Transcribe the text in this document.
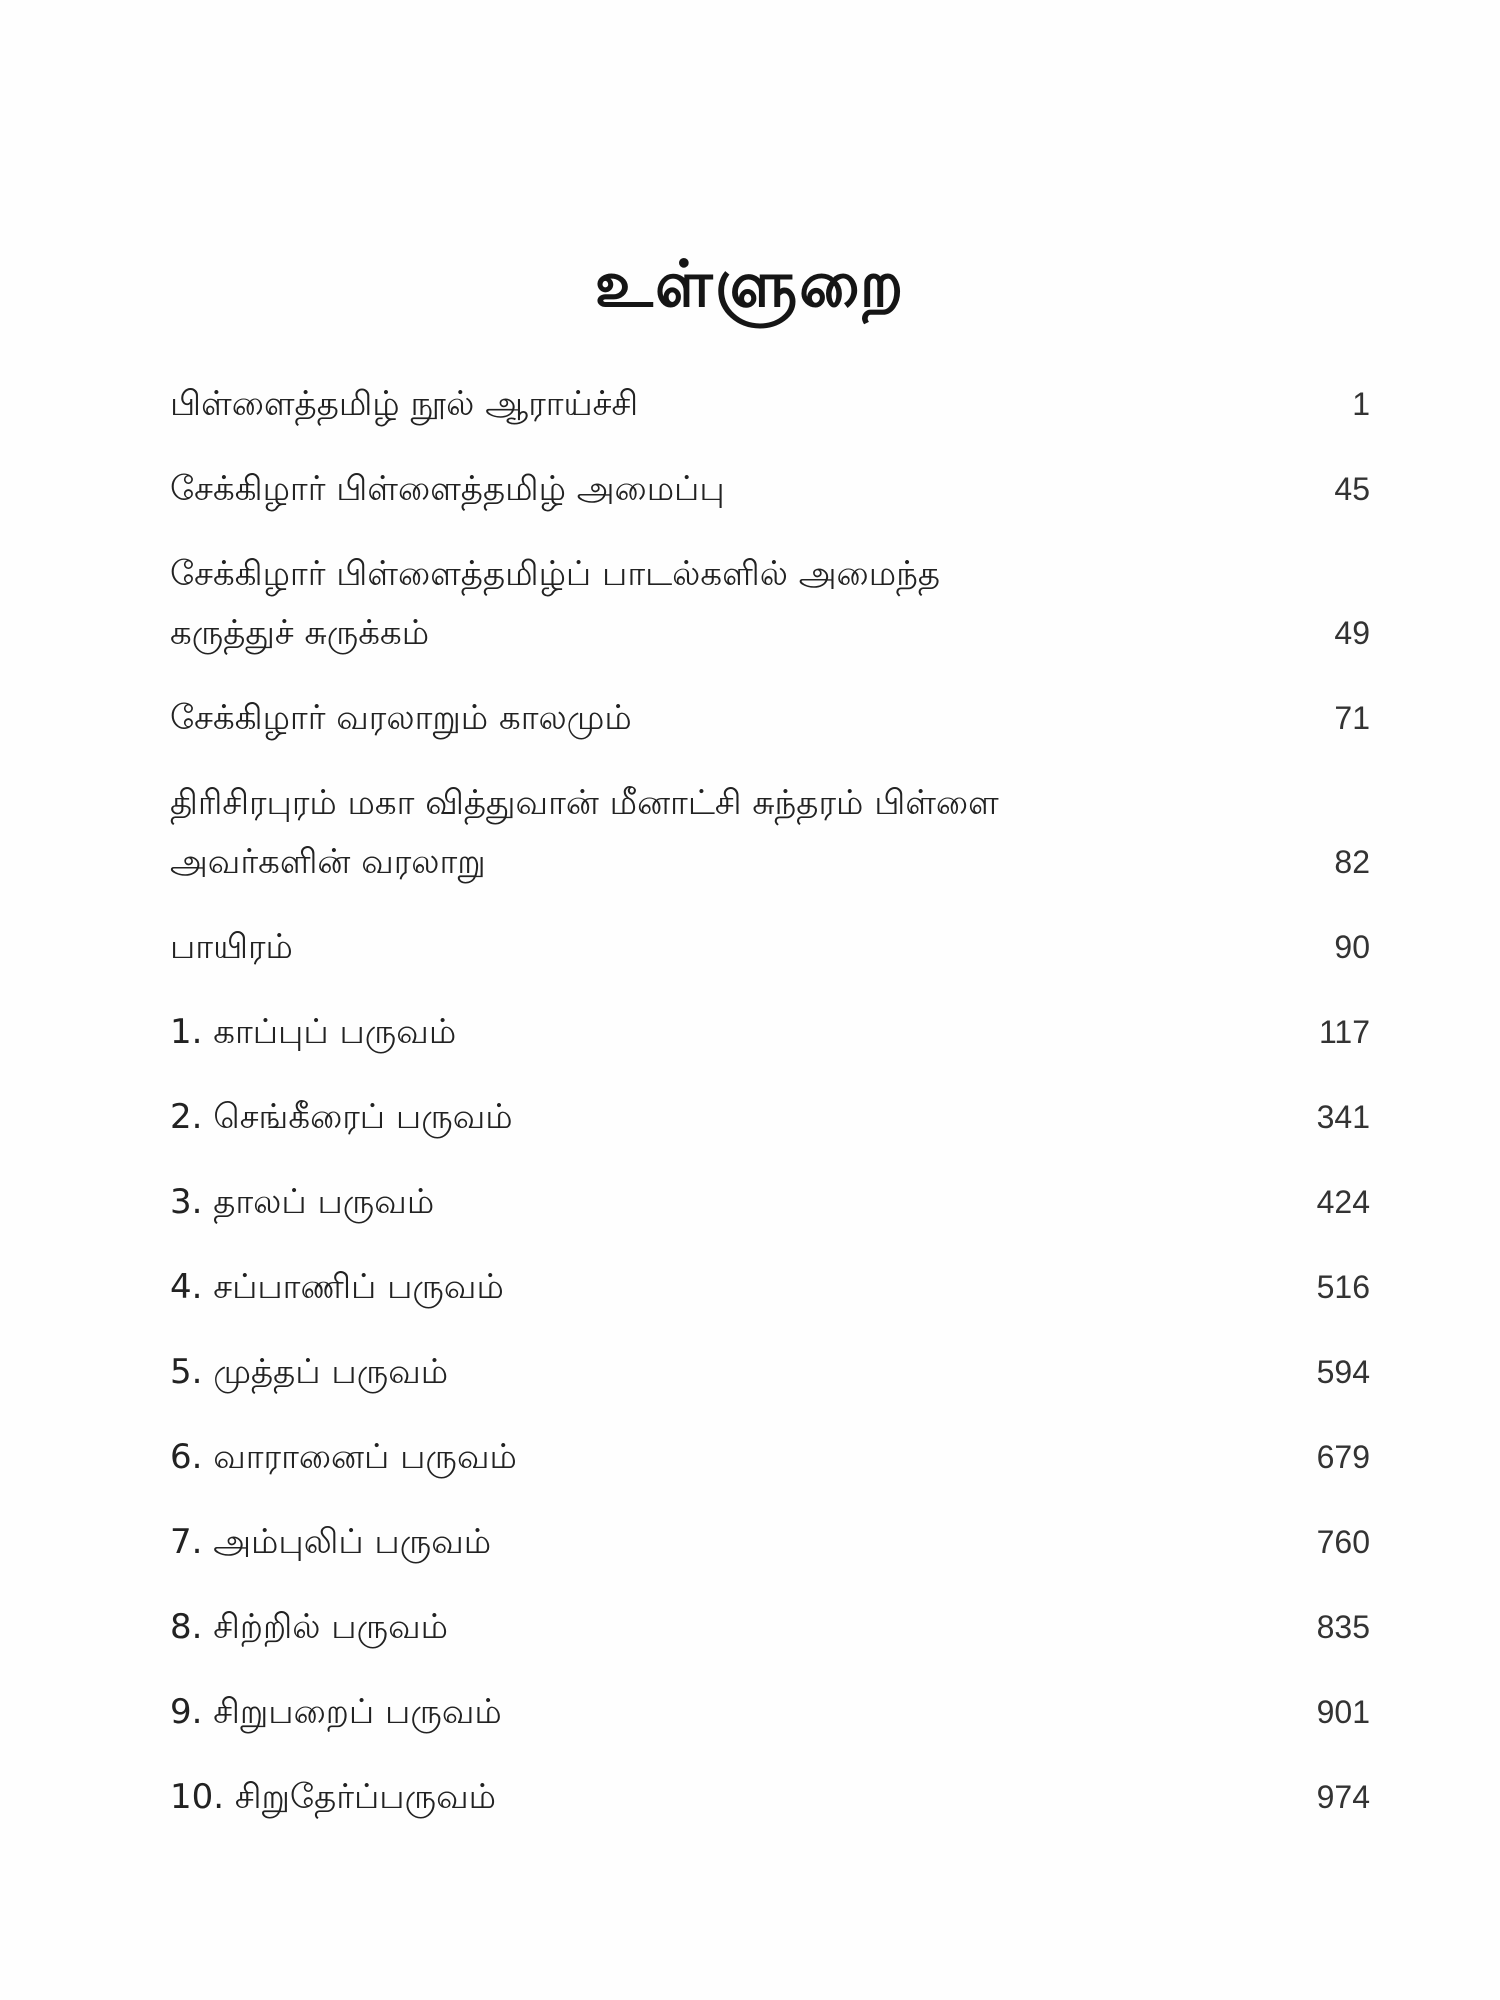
உள்ளுறை
பிள்ளைத்தமிழ் நூல் ஆராய்ச்சி	1
சேக்கிழார் பிள்ளைத்தமிழ் அமைப்பு	45
சேக்கிழார் பிள்ளைத்தமிழ்ப் பாடல்களில் அமைந்த
கருத்துச் சுருக்கம்	49
சேக்கிழார் வரலாறும் காலமும்	71
திரிசிரபுரம் மகா வித்துவான் மீனாட்சி சுந்தரம் பிள்ளை
அவர்களின் வரலாறு	82
பாயிரம்	90
1. காப்புப் பருவம்	117
2. செங்கீரைப் பருவம்	341
3. தாலப் பருவம்	424
4. சப்பாணிப் பருவம்	516
5. முத்தப் பருவம்	594
6. வாரானைப் பருவம்	679
7. அம்புலிப் பருவம்	760
8. சிற்றில் பருவம்	835
9. சிறுபறைப் பருவம்	901
10. சிறுதேர்ப்பருவம்	974
